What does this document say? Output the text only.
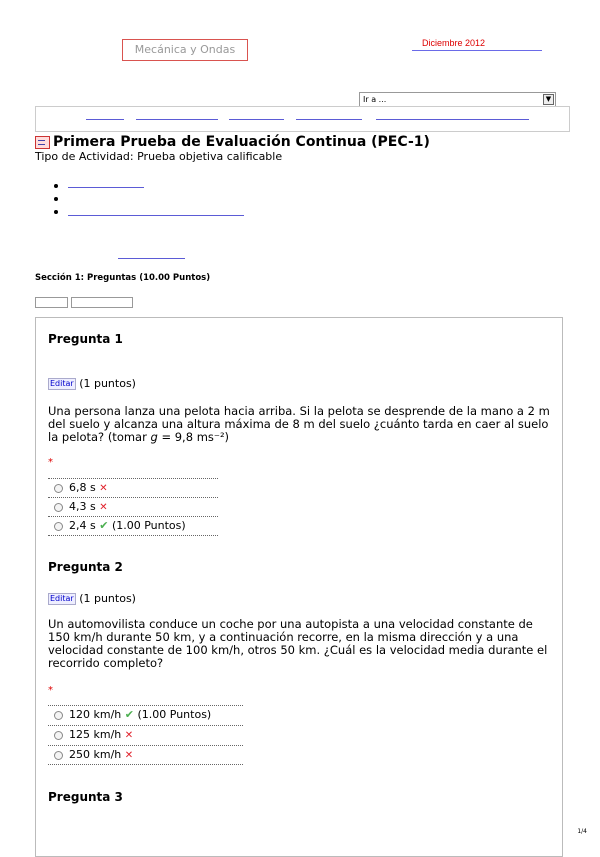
Mecánica y Ondas	Diciembre 2012
Ir a ...	▼
Primera Prueba de Evaluación Continua (PEC-1)
Tipo de Actividad: Prueba objetiva calificable
Sección 1: Preguntas (10.00 Puntos)
Pregunta 1
Editar (1 puntos)
Una persona lanza una pelota hacia arriba. Si la pelota se desprende de la mano a 2 m del suelo y alcanza una altura máxima de 8 m del suelo ¿cuánto tarda en caer al suelo la pelota? (tomar g = 9,8 ms⁻²)
*
6,8 s ✕
4,3 s ✕
2,4 s ✔ (1.00 Puntos)
Pregunta 2
Editar (1 puntos)
Un automovilista conduce un coche por una autopista a una velocidad constante de 150 km/h durante 50 km, y a continuación recorre, en la misma dirección y a una velocidad constante de 100 km/h, otros 50 km. ¿Cuál es la velocidad media durante el recorrido completo?
*
120 km/h ✔ (1.00 Puntos)
125 km/h ✕
250 km/h ✕
Pregunta 3
1/4
